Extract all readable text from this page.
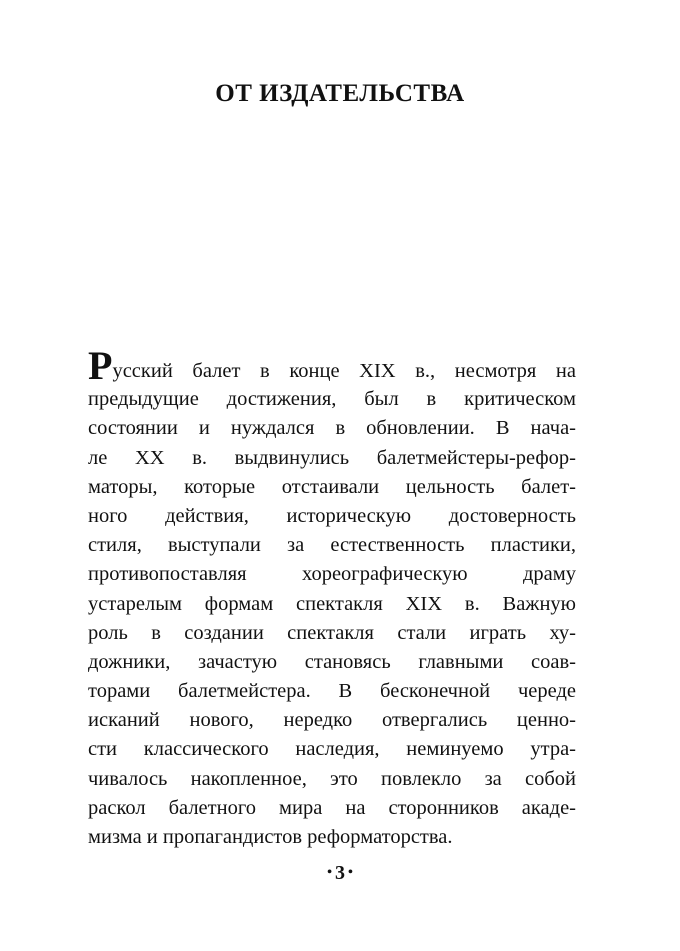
ОТ ИЗДАТЕЛЬСТВА
Русский балет в конце XIX в., несмотря на
предыдущие достижения, был в критическом
состоянии и нуждался в обновлении. В нача-
ле XX в. выдвинулись балетмейстеры-рефор-
маторы, которые отстаивали цельность балет-
ного действия, историческую достоверность
стиля, выступали за естественность пластики,
противопоставляя хореографическую драму
устарелым формам спектакля XIX в. Важную
роль в создании спектакля стали играть ху-
дожники, зачастую становясь главными соав-
торами балетмейстера. В бесконечной череде
исканий нового, нередко отвергались ценно-
сти классического наследия, неминуемо утра-
чивалось накопленное, это повлекло за собой
раскол балетного мира на сторонников акаде-
мизма и пропагандистов реформаторства.
• 3 •
